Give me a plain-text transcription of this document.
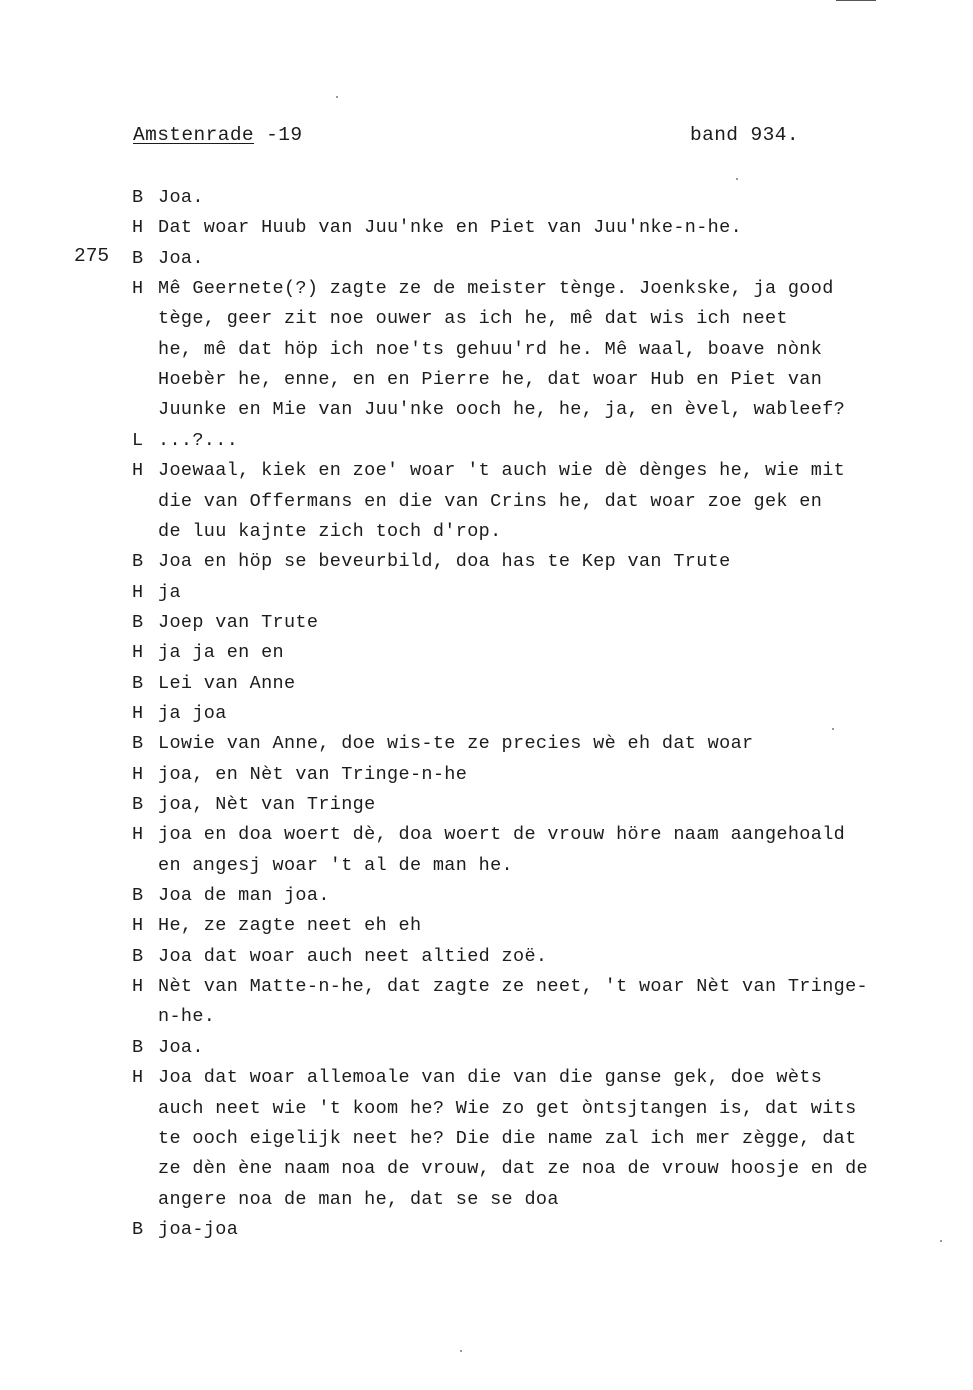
Amstenrade -19	band 934.
275
B Joa.
H Dat woar Huub van Juu'nke en Piet van Juu'nke-n-he.
B Joa.
H Mê Geernete(?) zagte ze de meister tènge. Joenkske, ja good
tège, geer zit noe ouwer as ich he, mê dat wis ich neet
he, mê dat höp ich noe'ts gehuu'rd he. Mê waal, boave nònk
Hoebèr he, enne, en en Pierre he, dat woar Hub en Piet van
Juunke en Mie van Juu'nke ooch he, he, ja, en èvel, wableef?
L ...?...
H Joewaal, kiek en zoe' woar 't auch wie dè dènges he, wie mit
die van Offermans en die van Crins he, dat woar zoe gek en
de luu kajnte zich toch d'rop.
B Joa en höp se beveurbild, doa has te Kep van Trute
H ja
B Joep van Trute
H ja ja en en
B Lei van Anne
H ja joa
B Lowie van Anne, doe wis-te ze precies wè eh dat woar
H joa, en Nèt van Tringe-n-he
B joa, Nèt van Tringe
H joa en doa woert dè, doa woert de vrouw höre naam aangehoald
en angesj woar 't al de man he.
B Joa de man joa.
H He, ze zagte neet eh eh
B Joa dat woar auch neet altied zoë.
H Nèt van Matte-n-he, dat zagte ze neet, 't woar Nèt van Tringe-
n-he.
B Joa.
H Joa dat woar allemoale van die van die ganse gek, doe wèts
auch neet wie 't koom he? Wie zo get òntsjtangen is, dat wits
te ooch eigelijk neet he? Die die name zal ich mer zègge, dat
ze dèn ène naam noa de vrouw, dat ze noa de vrouw hoosje en de
angere noa de man he, dat se se doa
B joa-joa
